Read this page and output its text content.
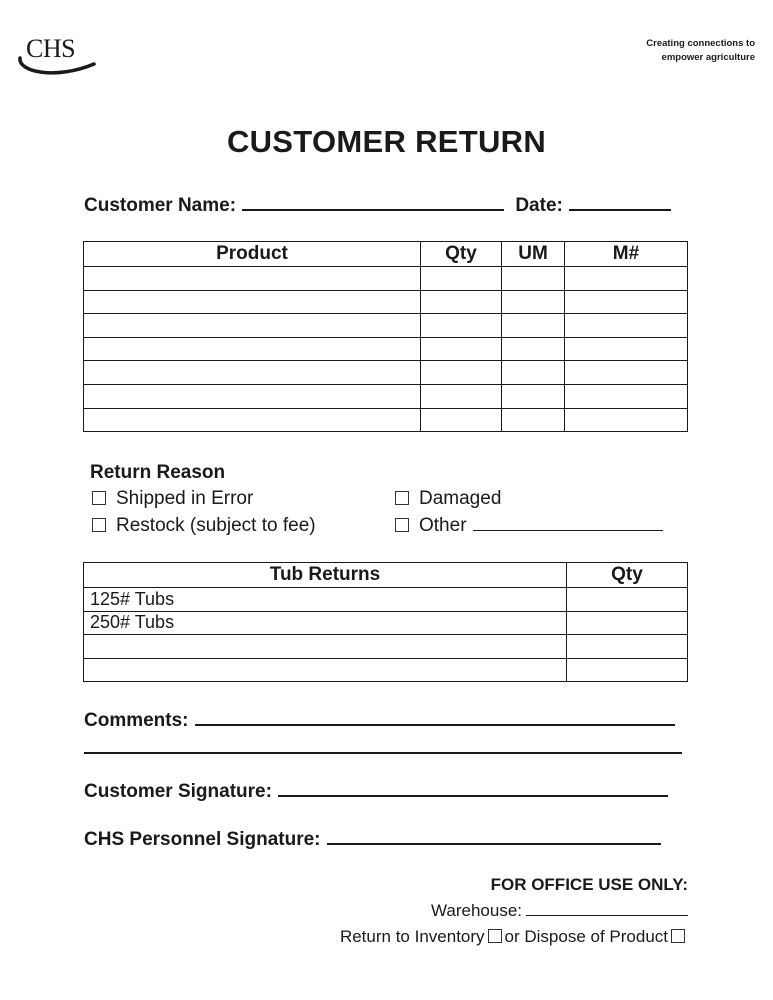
CHS	Creating connections to
empower agriculture
CUSTOMER RETURN
Customer Name:	Date:
Product	Qty	UM	M#

Return Reason
Shipped in Error	Damaged
Restock (subject to fee)	Other
Tub Returns	Qty
125# Tubs	
250# Tubs	

Comments:
Customer Signature:
CHS Personnel Signature:
FOR OFFICE USE ONLY:
Warehouse:
Return to Inventory or Dispose of Product
